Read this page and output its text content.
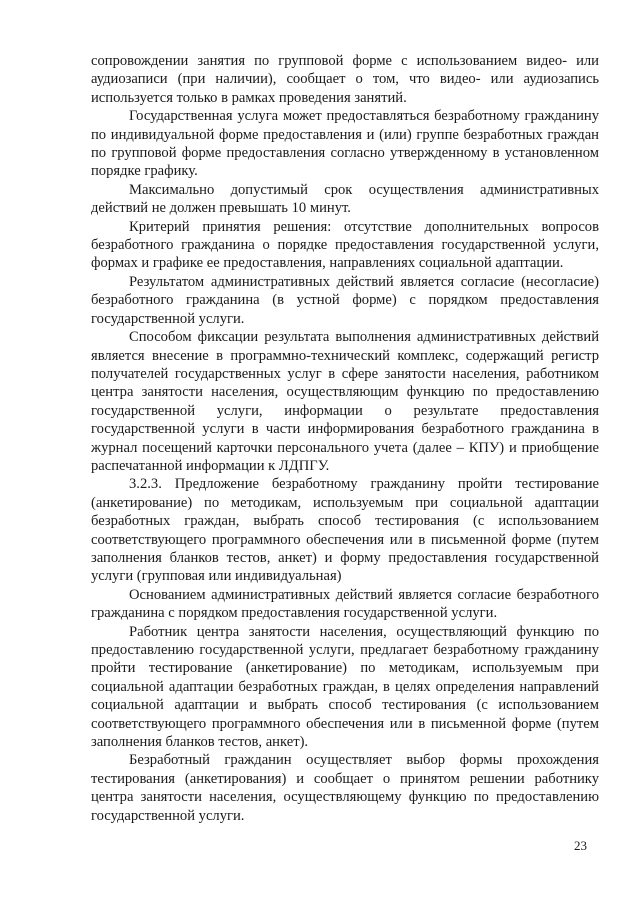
сопровождении занятия по групповой форме с использованием видео- или аудиозаписи (при наличии), сообщает о том, что видео- или аудиозапись используется только в рамках проведения занятий.

Государственная услуга может предоставляться безработному гражданину по индивидуальной форме предоставления и (или) группе безработных граждан по групповой форме предоставления согласно утвержденному в установленном порядке графику.

Максимально допустимый срок осуществления административных действий не должен превышать 10 минут.

Критерий принятия решения: отсутствие дополнительных вопросов безработного гражданина о порядке предоставления государственной услуги, формах и графике ее предоставления, направлениях социальной адаптации.

Результатом административных действий является согласие (несогласие) безработного гражданина (в устной форме) с порядком предоставления государственной услуги.

Способом фиксации результата выполнения административных действий является внесение в программно-технический комплекс, содержащий регистр получателей государственных услуг в сфере занятости населения, работником центра занятости населения, осуществляющим функцию по предоставлению государственной услуги, информации о результате предоставления государственной услуги в части информирования безработного гражданина в журнал посещений карточки персонального учета (далее – КПУ) и приобщение распечатанной информации к ЛДПГУ.

3.2.3. Предложение безработному гражданину пройти тестирование (анкетирование) по методикам, используемым при социальной адаптации безработных граждан, выбрать способ тестирования (с использованием соответствующего программного обеспечения или в письменной форме (путем заполнения бланков тестов, анкет) и форму предоставления государственной услуги (групповая или индивидуальная)

Основанием административных действий является согласие безработного гражданина с порядком предоставления государственной услуги.

Работник центра занятости населения, осуществляющий функцию по предоставлению государственной услуги, предлагает безработному гражданину пройти тестирование (анкетирование) по методикам, используемым при социальной адаптации безработных граждан, в целях определения направлений социальной адаптации и выбрать способ тестирования (с использованием соответствующего программного обеспечения или в письменной форме (путем заполнения бланков тестов, анкет).

Безработный гражданин осуществляет выбор формы прохождения тестирования (анкетирования) и сообщает о принятом решении работнику центра занятости населения, осуществляющему функцию по предоставлению государственной услуги.

23
